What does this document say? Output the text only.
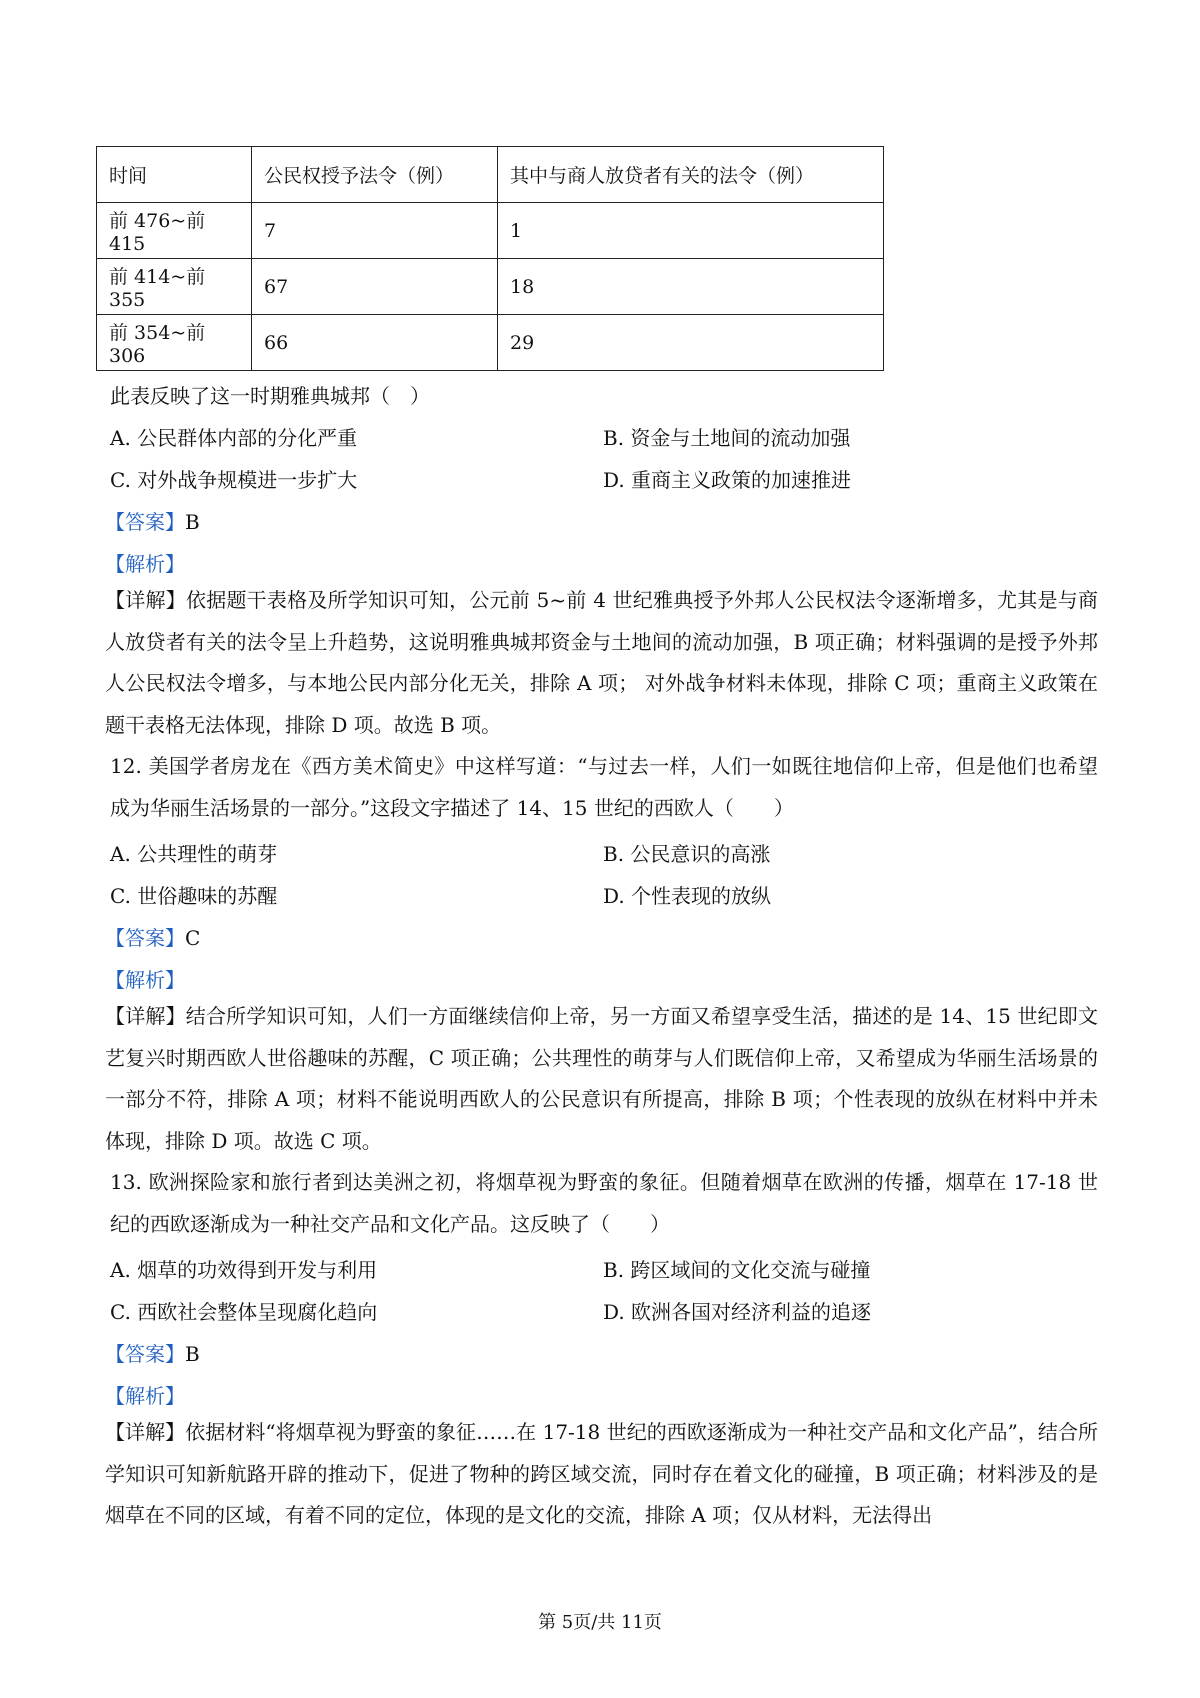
时间	公民权授予法令（例）	其中与商人放贷者有关的法令（例）
前 476~前 415	7	1
前 414~前 355	67	18
前 354~前 306	66	29
此表反映了这一时期雅典城邦（　）
A. 公民群体内部的分化严重	B. 资金与土地间的流动加强
C. 对外战争规模进一步扩大	D. 重商主义政策的加速推进
【答案】B
【解析】
【详解】依据题干表格及所学知识可知，公元前 5~前 4 世纪雅典授予外邦人公民权法令逐渐增多，尤其是与商人放贷者有关的法令呈上升趋势，这说明雅典城邦资金与土地间的流动加强，B 项正确；材料强调的是授予外邦人公民权法令增多，与本地公民内部分化无关，排除 A 项； 对外战争材料未体现，排除 C 项；重商主义政策在题干表格无法体现，排除 D 项。故选 B 项。
12. 美国学者房龙在《西方美术简史》中这样写道：“与过去一样，人们一如既往地信仰上帝，但是他们也希望成为华丽生活场景的一部分。”这段文字描述了 14、15 世纪的西欧人（　　）
A. 公共理性的萌芽	B. 公民意识的高涨
C. 世俗趣味的苏醒	D. 个性表现的放纵
【答案】C
【解析】
【详解】结合所学知识可知，人们一方面继续信仰上帝，另一方面又希望享受生活，描述的是 14、15 世纪即文艺复兴时期西欧人世俗趣味的苏醒，C 项正确；公共理性的萌芽与人们既信仰上帝，又希望成为华丽生活场景的一部分不符，排除 A 项；材料不能说明西欧人的公民意识有所提高，排除 B 项；个性表现的放纵在材料中并未体现，排除 D 项。故选 C 项。
13. 欧洲探险家和旅行者到达美洲之初，将烟草视为野蛮的象征。但随着烟草在欧洲的传播，烟草在 17-18 世纪的西欧逐渐成为一种社交产品和文化产品。这反映了（　　）
A. 烟草的功效得到开发与利用	B. 跨区域间的文化交流与碰撞
C. 西欧社会整体呈现腐化趋向	D. 欧洲各国对经济利益的追逐
【答案】B
【解析】
【详解】依据材料“将烟草视为野蛮的象征……在 17-18 世纪的西欧逐渐成为一种社交产品和文化产品”，结合所学知识可知新航路开辟的推动下，促进了物种的跨区域交流，同时存在着文化的碰撞，B 项正确；材料涉及的是烟草在不同的区域，有着不同的定位，体现的是文化的交流，排除 A 项；仅从材料，无法得出
第 5页/共 11页
